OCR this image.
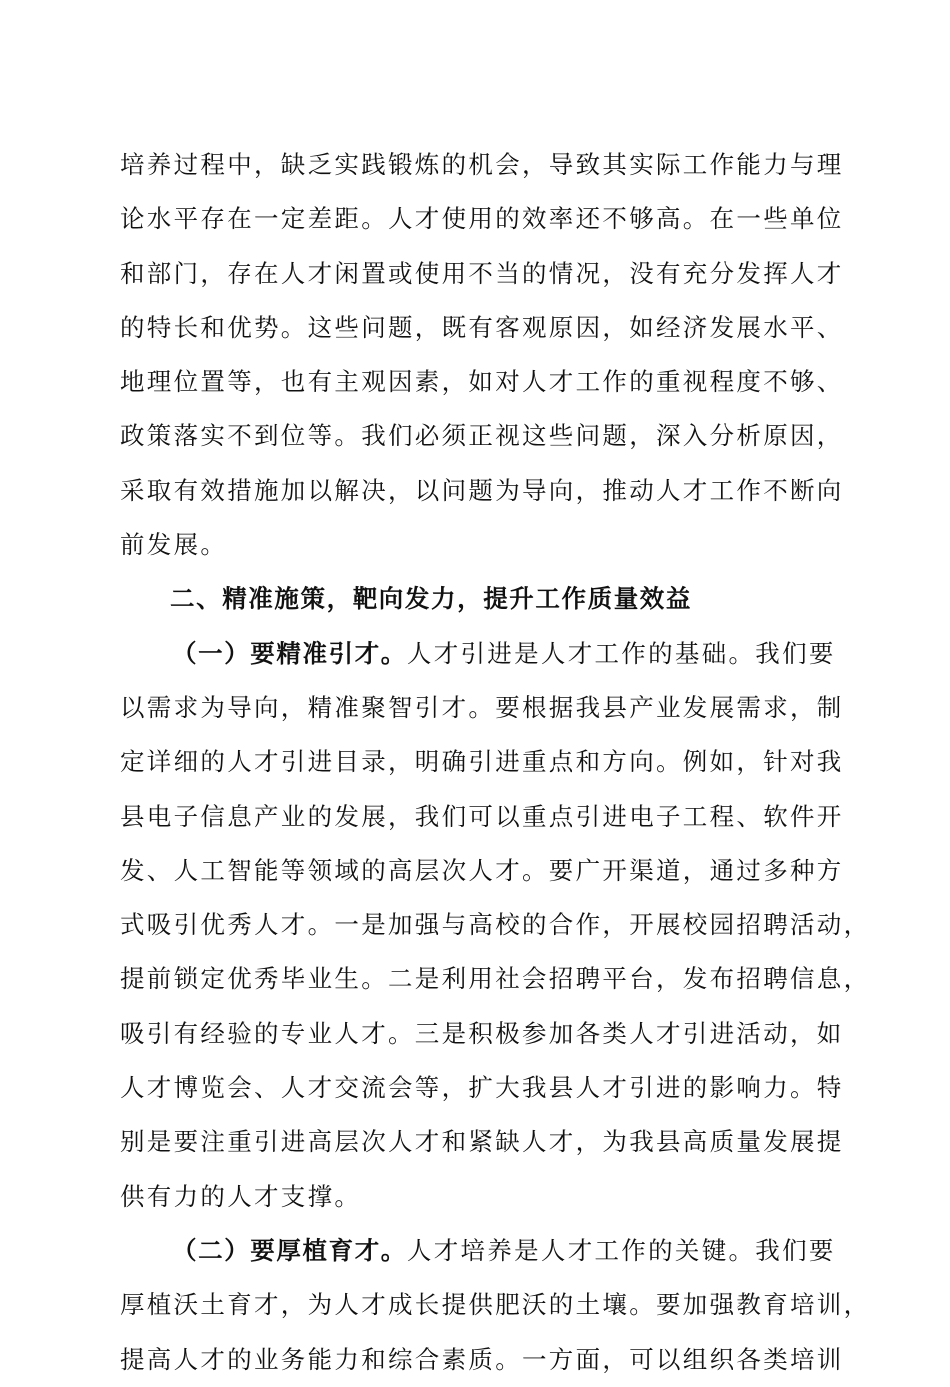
培养过程中，缺乏实践锻炼的机会，导致其实际工作能力与理
论水平存在一定差距。人才使用的效率还不够高。在一些单位
和部门，存在人才闲置或使用不当的情况，没有充分发挥人才
的特长和优势。这些问题，既有客观原因，如经济发展水平、
地理位置等，也有主观因素，如对人才工作的重视程度不够、
政策落实不到位等。我们必须正视这些问题，深入分析原因，
采取有效措施加以解决，以问题为导向，推动人才工作不断向
前发展。
二、精准施策，靶向发力，提升工作质量效益
（一）要精准引才。人才引进是人才工作的基础。我们要
以需求为导向，精准聚智引才。要根据我县产业发展需求，制
定详细的人才引进目录，明确引进重点和方向。例如，针对我
县电子信息产业的发展，我们可以重点引进电子工程、软件开
发、人工智能等领域的高层次人才。要广开渠道，通过多种方
式吸引优秀人才。一是加强与高校的合作，开展校园招聘活动，
提前锁定优秀毕业生。二是利用社会招聘平台，发布招聘信息，
吸引有经验的专业人才。三是积极参加各类人才引进活动，如
人才博览会、人才交流会等，扩大我县人才引进的影响力。特
别是要注重引进高层次人才和紧缺人才，为我县高质量发展提
供有力的人才支撑。
（二）要厚植育才。人才培养是人才工作的关键。我们要
厚植沃土育才，为人才成长提供肥沃的土壤。要加强教育培训，
提高人才的业务能力和综合素质。一方面，可以组织各类培训
